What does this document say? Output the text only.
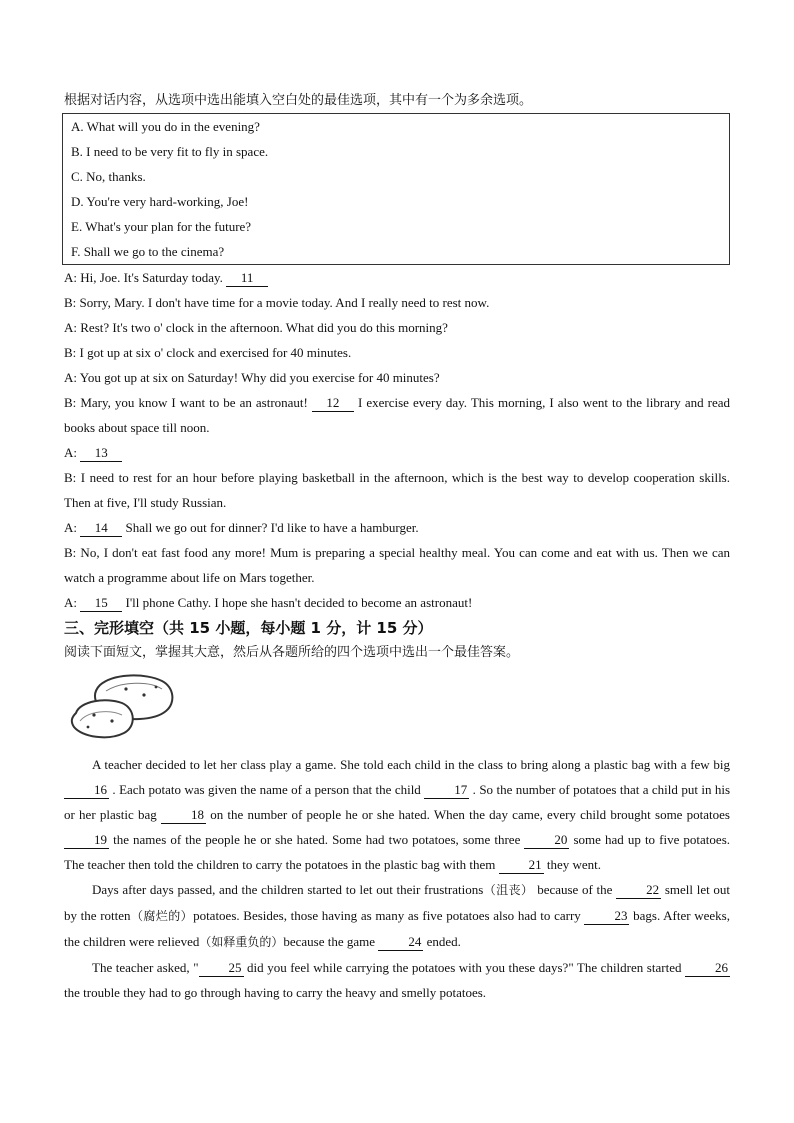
根据对话内容，从选项中选出能填入空白处的最佳选项，其中有一个为多余选项。
A. What will you do in the evening?
B. I need to be very fit to fly in space.
C. No, thanks.
D. You're very hard-working, Joe!
E. What's your plan for the future?
F. Shall we go to the cinema?
A: Hi, Joe. It's Saturday today. 11
B: Sorry, Mary. I don't have time for a movie today. And I really need to rest now.
A: Rest? It's two o' clock in the afternoon. What did you do this morning?
B: I got up at six o' clock and exercised for 40 minutes.
A: You got up at six on Saturday! Why did you exercise for 40 minutes?
B: Mary, you know I want to be an astronaut! 12 I exercise every day. This morning, I also went to the library and read books about space till noon.
A: 13
B: I need to rest for an hour before playing basketball in the afternoon, which is the best way to develop cooperation skills. Then at five, I'll study Russian.
A: 14 Shall we go out for dinner? I'd like to have a hamburger.
B: No, I don't eat fast food any more! Mum is preparing a special healthy meal. You can come and eat with us. Then we can watch a programme about life on Mars together.
A: 15 I'll phone Cathy. I hope she hasn't decided to become an astronaut!
三、完形填空（共 15 小题，每小题 1 分，计 15 分）
阅读下面短文，掌握其大意，然后从各题所给的四个选项中选出一个最佳答案。
A teacher decided to let her class play a game. She told each child in the class to bring along a plastic bag with a few big 16 . Each potato was given the name of a person that the child	17 . So the number of potatoes that a child put in his or her plastic bag	18 on the number of people he or she hated. When the day came, every child brought some potatoes 19 the names of the people he or she hated. Some had two potatoes, some three	20 some had up to five potatoes. The teacher then told the children to carry the potatoes in the plastic bag with them	21 they went.
Days after days passed, and the children started to let out their frustrations（沮丧） because of the	22 smell let out by the rotten（腐烂的）potatoes. Besides, those having as many as five potatoes also had to carry	23 bags. After weeks, the children were relieved（如释重负的）because the game	24 ended.
The teacher asked, " 25 did you feel while carrying the potatoes with you these days?" The children started	26 the trouble they had to go through having to carry the heavy and smelly potatoes.
